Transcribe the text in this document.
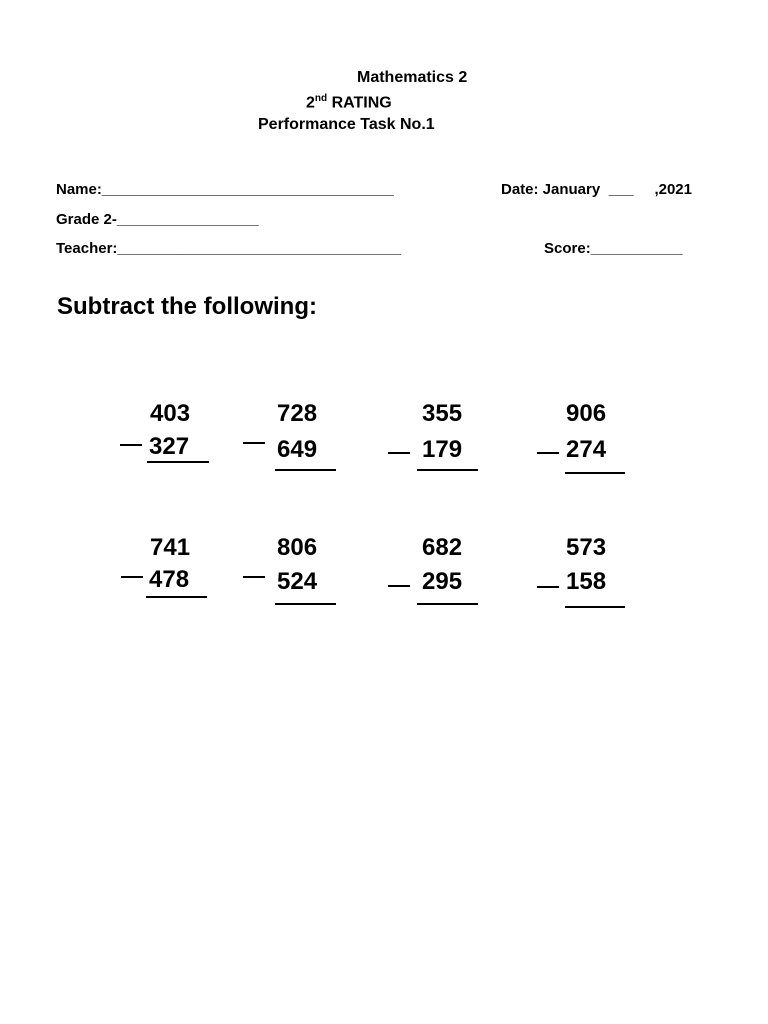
Mathematics 2
2nd RATING
Performance Task No.1
Name:___________________________________	Date: January ___ ,2021
Grade 2-_________________
Teacher:__________________________________	Score:___________
Subtract the following:
403
327
728
649
355
179
906
274
741
478
806
524
682
295
573
158
